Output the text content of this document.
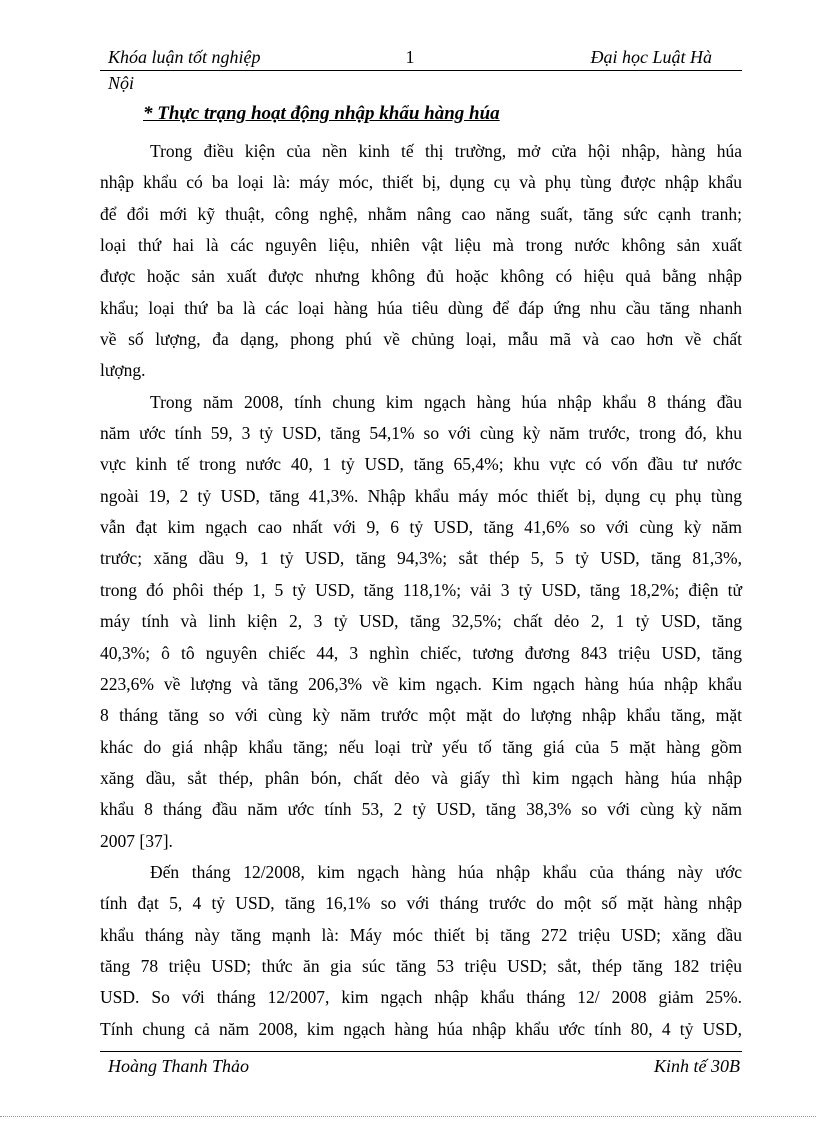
Khóa luận tốt nghiệp	1	Đại học Luật Hà
Nội
* Thực trạng hoạt động nhập khẩu hàng húa
Trong điều kiện của nền kinh tế thị trường, mở cửa hội nhập, hàng húa
nhập khẩu có ba loại là: máy móc, thiết bị, dụng cụ và phụ tùng được nhập khẩu
để đổi mới kỹ thuật, công nghệ, nhằm nâng cao năng suất, tăng sức cạnh tranh;
loại thứ hai là các nguyên liệu, nhiên vật liệu mà trong nước không sản xuất
được hoặc sản xuất được nhưng không đủ hoặc không có hiệu quả bằng nhập
khẩu; loại thứ ba là các loại hàng húa tiêu dùng để đáp ứng nhu cầu tăng nhanh
về số lượng, đa dạng, phong phú về chủng loại, mẫu mã và cao hơn về chất
lượng.
Trong năm 2008, tính chung kim ngạch hàng húa nhập khẩu 8 tháng đầu
năm ước tính 59, 3 tỷ USD, tăng 54,1% so với cùng kỳ năm trước, trong đó, khu
vực kinh tế trong nước 40, 1 tỷ USD, tăng 65,4%; khu vực có vốn đầu tư nước
ngoài 19, 2 tỷ USD, tăng 41,3%. Nhập khẩu máy móc thiết bị, dụng cụ phụ tùng
vẫn đạt kim ngạch cao nhất với 9, 6 tỷ USD, tăng 41,6% so với cùng kỳ năm
trước; xăng dầu 9, 1 tỷ USD, tăng 94,3%; sắt thép 5, 5 tỷ USD, tăng 81,3%,
trong đó phôi thép 1, 5 tỷ USD, tăng 118,1%; vải 3 tỷ USD, tăng 18,2%; điện tử
máy tính và linh kiện 2, 3 tỷ USD, tăng 32,5%; chất dẻo 2, 1 tỷ USD, tăng
40,3%; ô tô nguyên chiếc 44, 3 nghìn chiếc, tương đương 843 triệu USD, tăng
223,6% về lượng và tăng 206,3% về kim ngạch. Kim ngạch hàng húa nhập khẩu
8 tháng tăng so với cùng kỳ năm trước một mặt do lượng nhập khẩu tăng, mặt
khác do giá nhập khẩu tăng; nếu loại trừ yếu tố tăng giá của 5 mặt hàng gồm
xăng dầu, sắt thép, phân bón, chất dẻo và giấy thì kim ngạch hàng húa nhập
khẩu 8 tháng đầu năm ước tính 53, 2 tỷ USD, tăng 38,3% so với cùng kỳ năm
2007 [37].
Đến tháng 12/2008, kim ngạch hàng húa nhập khẩu của tháng này ước
tính đạt 5, 4 tỷ USD, tăng 16,1% so với tháng trước do một số mặt hàng nhập
khẩu tháng này tăng mạnh là: Máy móc thiết bị tăng 272 triệu USD; xăng dầu
tăng 78 triệu USD; thức ăn gia súc tăng 53 triệu USD; sắt, thép tăng 182 triệu
USD. So với tháng 12/2007, kim ngạch nhập khẩu tháng 12/ 2008 giảm 25%.
Tính chung cả năm 2008, kim ngạch hàng húa nhập khẩu ước tính 80, 4 tỷ USD,
Hoàng Thanh Thảo	Kinh tế 30B
